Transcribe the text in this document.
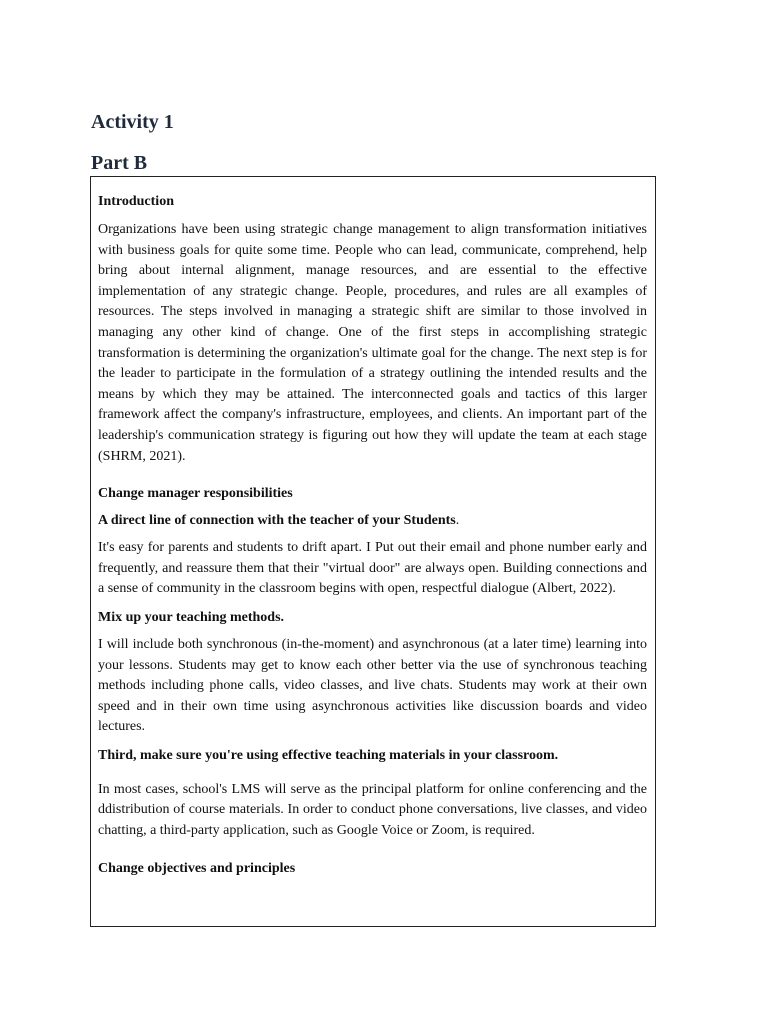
Activity 1
Part B

Introduction

Organizations have been using strategic change management to align transformation initiatives with business goals for quite some time. People who can lead, communicate, comprehend, help bring about internal alignment, manage resources, and are essential to the effective implementation of any strategic change. People, procedures, and rules are all examples of resources. The steps involved in managing a strategic shift are similar to those involved in managing any other kind of change. One of the first steps in accomplishing strategic transformation is determining the organization's ultimate goal for the change. The next step is for the leader to participate in the formulation of a strategy outlining the intended results and the means by which they may be attained. The interconnected goals and tactics of this larger framework affect the company's infrastructure, employees, and clients. An important part of the leadership's communication strategy is figuring out how they will update the team at each stage (SHRM, 2021).

Change manager responsibilities

A direct line of connection with the teacher of your Students.

It's easy for parents and students to drift apart. I Put out their email and phone number early and frequently, and reassure them that their "virtual door" are always open. Building connections and a sense of community in the classroom begins with open, respectful dialogue (Albert, 2022).

Mix up your teaching methods.

I will include both synchronous (in-the-moment) and asynchronous (at a later time) learning into your lessons. Students may get to know each other better via the use of synchronous teaching methods including phone calls, video classes, and live chats. Students may work at their own speed and in their own time using asynchronous activities like discussion boards and video lectures.

Third, make sure you're using effective teaching materials in your classroom.

In most cases, school's LMS will serve as the principal platform for online conferencing and the ddistribution of course materials. In order to conduct phone conversations, live classes, and video chatting, a third-party application, such as Google Voice or Zoom, is required.

Change objectives and principles
